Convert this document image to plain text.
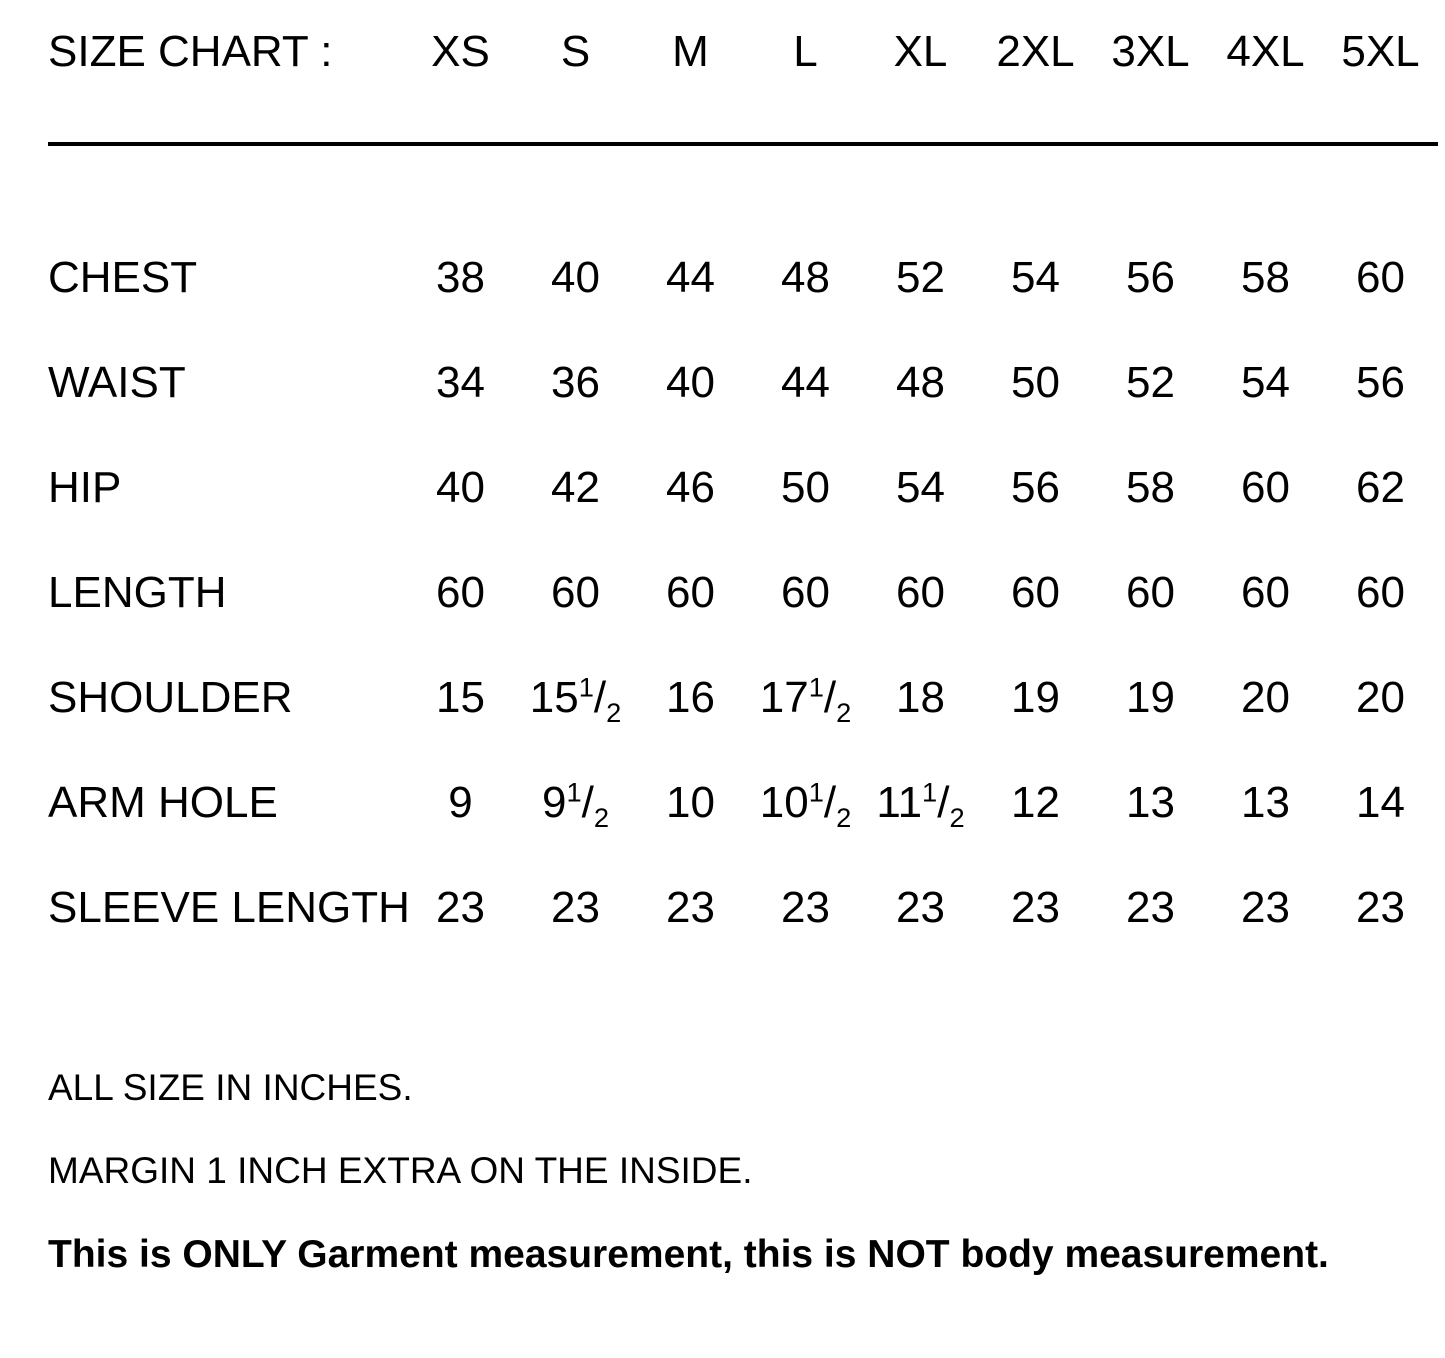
SIZE CHART :	XS	S	M	L	XL	2XL	3XL	4XL	5XL

CHEST	38	40	44	48	52	54	56	58	60
WAIST	34	36	40	44	48	50	52	54	56
HIP	40	42	46	50	54	56	58	60	62
LENGTH	60	60	60	60	60	60	60	60	60
SHOULDER	15	$15^1/_2$	16	$17^1/_2$	18	19	19	20	20
ARM HOLE	9	$9^1/_2$	10	$10^1/_2$	$11^1/_2$	12	13	13	14
SLEEVE LENGTH	23	23	23	23	23	23	23	23	23
ALL SIZE IN INCHES.
MARGIN 1 INCH EXTRA ON THE INSIDE.
This is ONLY Garment measurement, this is NOT body measurement.
